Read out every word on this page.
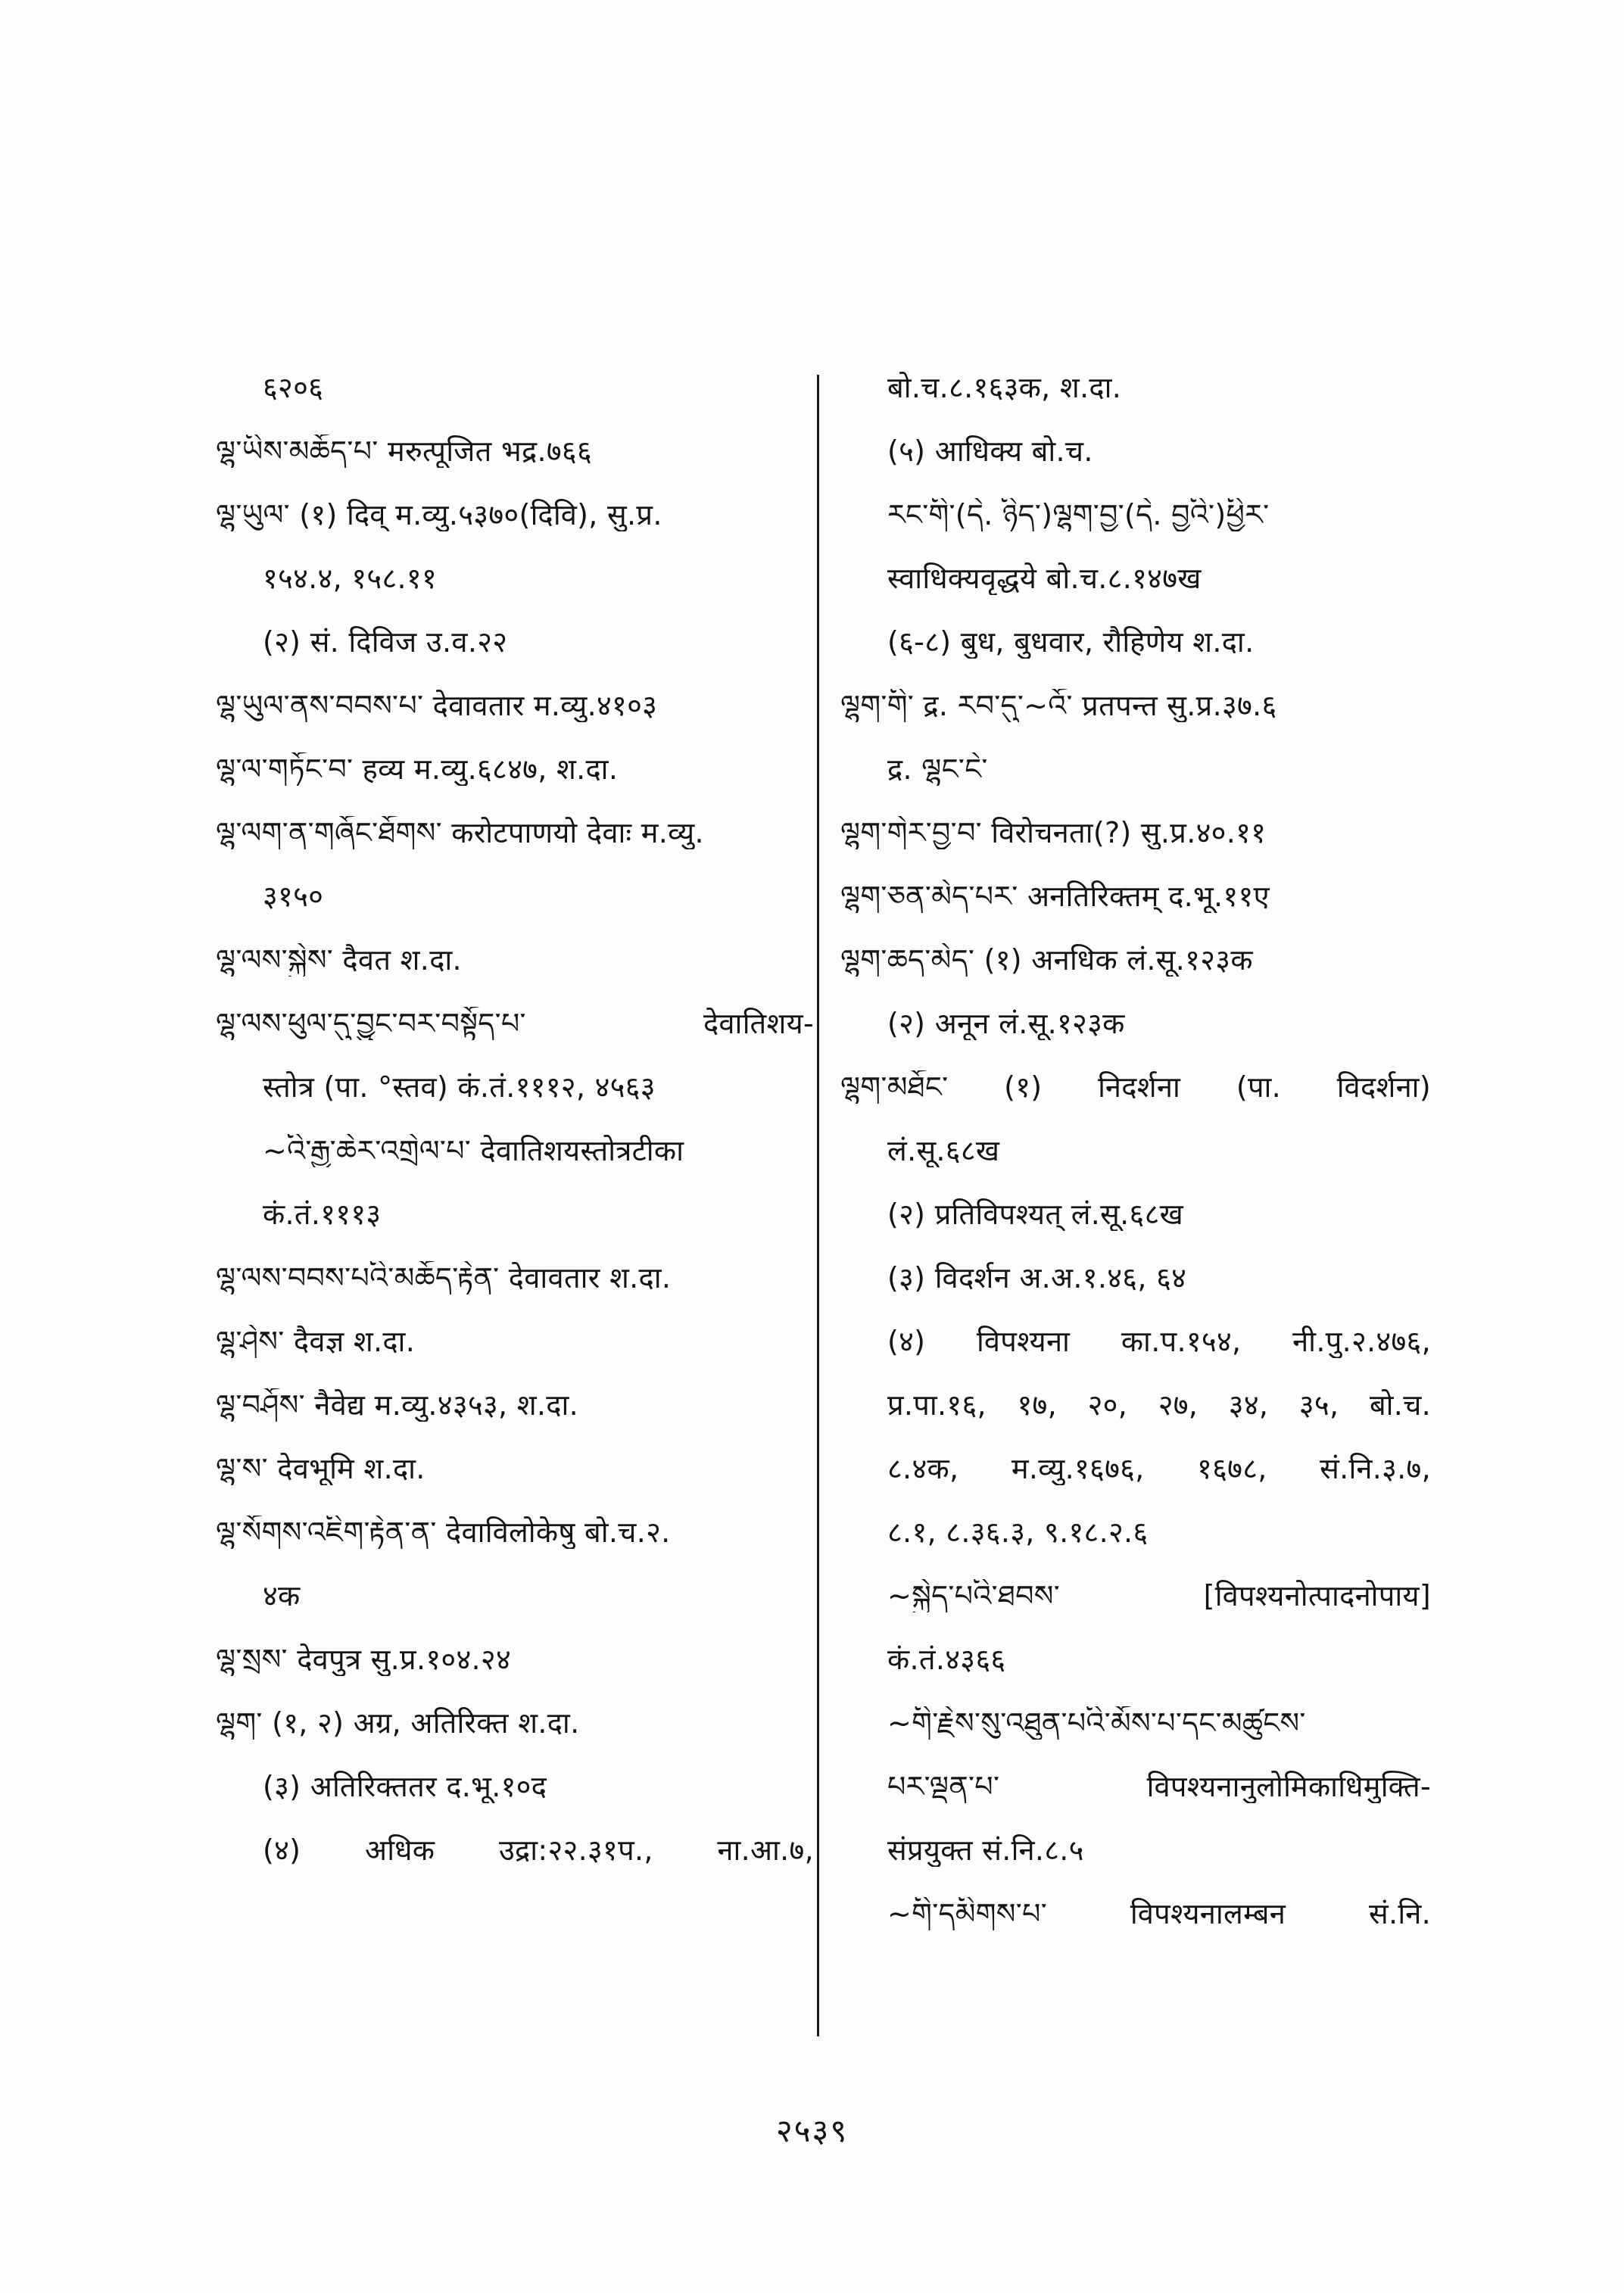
६२०६
ལྷ་ཡིས་མཆོད་པ་ मरुत्पूजित भद्र.७६६
ལྷ་ཡུལ་ (१) दिव् म.व्यु.५३७०(दिवि), सु.प्र.
१५४.४, १५८.११
(२) सं. दिविज उ.व.२२
ལྷ་ཡུལ་ནས་བབས་པ་ देवावतार म.व्यु.४१०३
ལྷ་ལ་གཏོང་བ་ हव्य म.व्यु.६८४७, श.दा.
ལྷ་ལག་ན་གཞོང་ཐོགས་ करोटपाणयो देवाः म.व्यु.
३१५०
ལྷ་ལས་སྐྱེས་ दैवत श.दा.
ལྷ་ལས་ཕུལ་དུ་བྱུང་བར་བསྟོད་པ་	देवातिशय-
स्तोत्र (पा. °स्तव) कं.तं.१११२, ४५६३
~འི་རྒྱ་ཆེར་འགྲེལ་པ་ देवातिशयस्तोत्रटीका
कं.तं.१११३
ལྷ་ལས་བབས་པའི་མཆོད་རྟེན་ देवावतार श.दा.
ལྷ་ཤེས་ दैवज्ञ श.दा.
ལྷ་བཤོས་ नैवेद्य म.व्यु.४३५३, श.दा.
ལྷ་ས་ देवभूमि श.दा.
ལྷ་སོགས་འཇིག་རྟེན་ན་ देवाविलोकेषु बो.च.२.
४क
ལྷ་སྲས་ देवपुत्र सु.प्र.१०४.२४
ལྷག་ (१, २) अग्र, अतिरिक्त श.दा.
(३) अतिरिक्ततर द.भू.१०द
(४) अधिक उद्रा:२२.३१प., ना.आ.७,
बो.च.८.१६३क, श.दा.
(५) आधिक्य बो.च.
རང་གི་(དེ. ཉིད་)ལྷག་བྱ་(དེ. བྱའི་)ཕྱིར་
स्वाधिक्यवृद्धये बो.च.८.१४७ख
(६-८) बुध, बुधवार, रौहिणेय श.दा.
ལྷག་གི་ द्र. རབ་དུ་~འོ་ प्रतपन्त सु.प्र.३७.६
द्र. ལྷང་ངེ་
ལྷག་གེར་བྱ་བ་ विरोचनता(?) सु.प्र.४०.११
ལྷག་ཅན་མེད་པར་ अनतिरिक्तम् द.भू.११ए
ལྷག་ཆད་མེད་ (१) अनधिक लं.सू.१२३क
(२) अनून लं.सू.१२३क
ལྷག་མཐོང་ (१) निदर्शना (पा. विदर्शना)
लं.सू.६८ख
(२) प्रतिविपश्यत् लं.सू.६८ख
(३) विदर्शन अ.अ.१.४६, ६४
(४) विपश्यना का.प.१५४, नी.पु.२.४७६,
प्र.पा.१६, १७, २०, २७, ३४, ३५, बो.च.
८.४क, म.व्यु.१६७६, १६७८, सं.नि.३.७,
८.१, ८.३६.३, ९.१८.२.६
~སྐྱེད་པའི་ཐབས་	[विपश्यनोत्पादनोपाय]
कं.तं.४३६६
~གི་རྗེས་སུ་འཐུན་པའི་མོས་པ་དང་མཚུངས་
པར་ལྡན་པ་	विपश्यनानुलोमिकाधिमुक्ति-
संप्रयुक्त सं.नि.८.५
~གི་དམིགས་པ་	विपश्यनालम्बन	सं.नि.
२५३९
